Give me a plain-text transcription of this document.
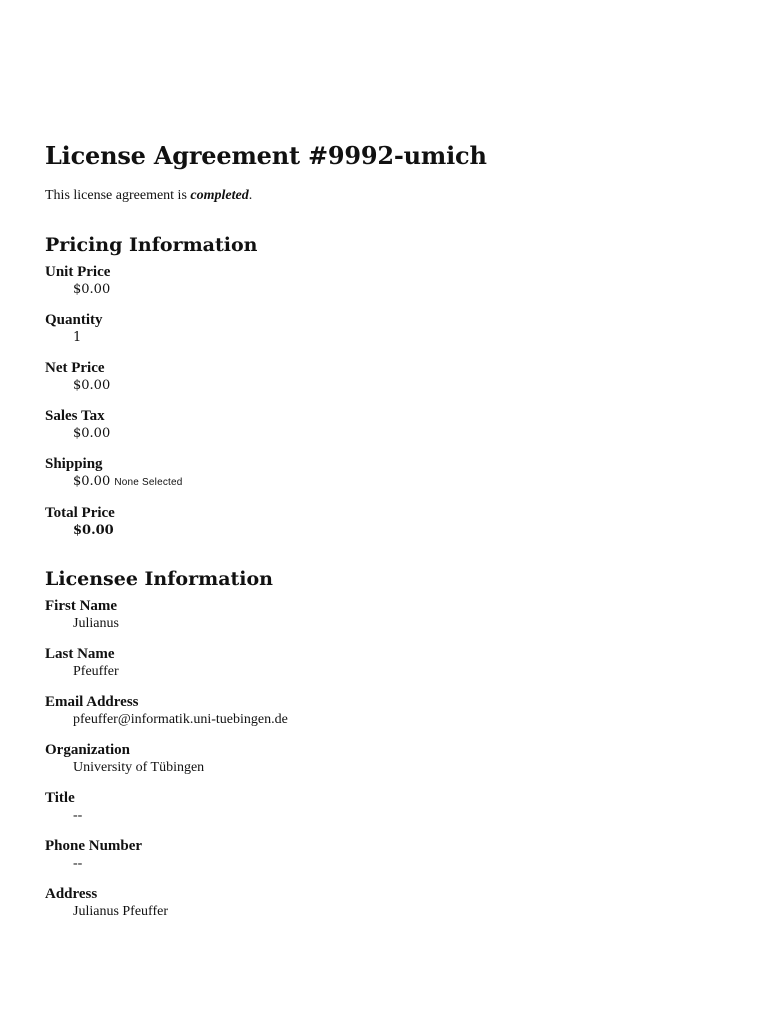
License Agreement #9992-umich

This license agreement is completed.

Pricing Information
Unit Price
$0.00
Quantity
1
Net Price
$0.00
Sales Tax
$0.00
Shipping
$0.00 None Selected
Total Price
$0.00
Licensee Information
First Name
Julianus
Last Name
Pfeuffer
Email Address
pfeuffer@informatik.uni-tuebingen.de
Organization
University of Tübingen
Title
--
Phone Number
--
Address
Julianus Pfeuffer
